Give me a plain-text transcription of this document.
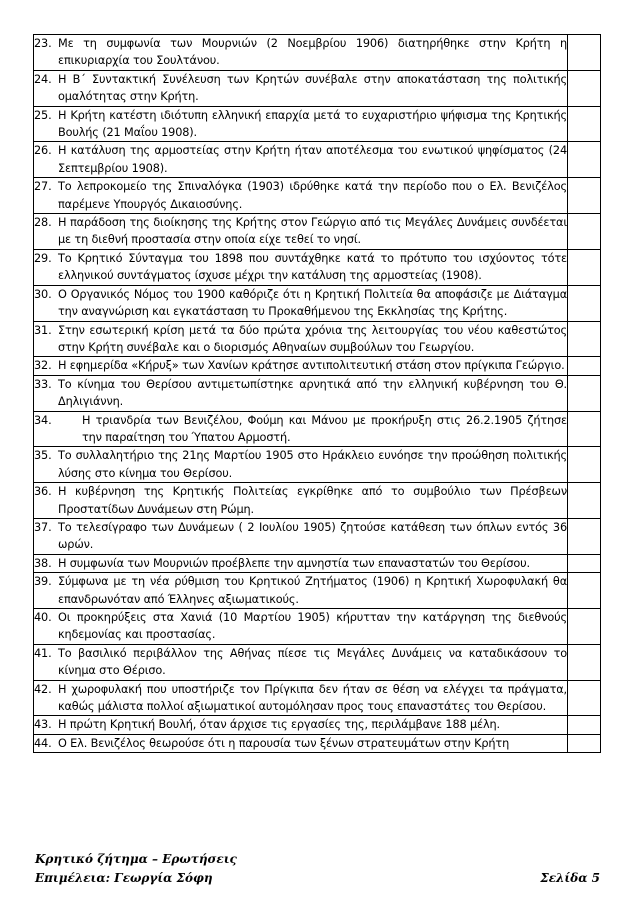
23. Με τη συμφωνία των Μουρνιών (2 Νοεμβρίου 1906) διατηρήθηκε στην Κρήτη η επικυριαρχία του Σουλτάνου.	

24. Η Β΄ Συντακτική Συνέλευση των Κρητών συνέβαλε στην αποκατάσταση της πολιτικής ομαλότητας στην Κρήτη.	

25. Η Κρήτη κατέστη ιδιότυπη ελληνική επαρχία μετά το ευχαριστήριο ψήφισμα της Κρητικής Βουλής (21 Μαΐου 1908).	

26. Η κατάλυση της αρμοστείας στην Κρήτη ήταν αποτέλεσμα του ενωτικού ψηφίσματος (24 Σεπτεμβρίου 1908).	

27. Το λεπροκομείο της Σπιναλόγκα (1903) ιδρύθηκε κατά την περίοδο που ο Ελ. Βενιζέλος παρέμενε Υπουργός Δικαιοσύνης.	

28. Η παράδοση της διοίκησης της Κρήτης στον Γεώργιο από τις Μεγάλες Δυνάμεις συνδέεται με τη διεθνή προστασία στην οποία είχε τεθεί το νησί.	

29. Το Κρητικό Σύνταγμα του 1898 που συντάχθηκε κατά το πρότυπο του ισχύοντος τότε ελληνικού συντάγματος ίσχυσε μέχρι την κατάλυση της αρμοστείας (1908).	

30. Ο Οργανικός Νόμος του 1900 καθόριζε ότι η Κρητική Πολιτεία θα αποφάσιζε με Διάταγμα την αναγνώριση και εγκατάσταση τυ Προκαθήμενου της Εκκλησίας της Κρήτης.	

31. Στην εσωτερική κρίση μετά τα δύο πρώτα χρόνια της λειτουργίας του νέου καθεστώτος στην Κρήτη συνέβαλε και ο διορισμός Αθηναίων συμβούλων του Γεωργίου.	

32. Η εφημερίδα «Κήρυξ» των Χανίων κράτησε αντιπολιτευτική στάση στον πρίγκιπα Γεώργιο.	

33. Το κίνημα του Θερίσου αντιμετωπίστηκε αρνητικά από την ελληνική κυβέρνηση του Θ. Δηλιγιάννη.	

34. Η τριανδρία των Βενιζέλου, Φούμη και Μάνου με προκήρυξη στις 26.2.1905 ζήτησε την παραίτηση του Ύπατου Αρμοστή.	

35. Το συλλαλητήριο της 21ης Μαρτίου 1905 στο Ηράκλειο ευνόησε την προώθηση πολιτικής λύσης στο κίνημα του Θερίσου.	

36. Η κυβέρνηση της Κρητικής Πολιτείας εγκρίθηκε από το συμβούλιο των Πρέσβεων Προστατίδων Δυνάμεων στη Ρώμη.	

37. Το τελεσίγραφο των Δυνάμεων ( 2 Ιουλίου 1905) ζητούσε κατάθεση των όπλων εντός 36 ωρών.	

38. Η συμφωνία των Μουρνιών προέβλεπε την αμνηστία των επαναστατών του Θερίσου.	

39. Σύμφωνα με τη νέα ρύθμιση του Κρητικού Ζητήματος (1906) η Κρητική Χωροφυλακή θα επανδρωνόταν από Έλληνες αξιωματικούς.	

40. Οι προκηρύξεις στα Χανιά (10 Μαρτίου 1905) κήρυτταν την κατάργηση της διεθνούς κηδεμονίας και προστασίας.	

41. Το βασιλικό περιβάλλον της Αθήνας πίεσε τις Μεγάλες Δυνάμεις να καταδικάσουν το κίνημα στο Θέρισο.	

42. Η χωροφυλακή που υποστήριζε τον Πρίγκιπα δεν ήταν σε θέση να ελέγχει τα πράγματα, καθώς μάλιστα πολλοί αξιωματικοί αυτομόλησαν προς τους επαναστάτες του Θερίσου.	

43. Η πρώτη Κρητική Βουλή, όταν άρχισε τις εργασίες της, περιλάμβανε 188 μέλη.	

44. Ο Ελ. Βενιζέλος θεωρούσε ότι η παρουσία των ξένων στρατευμάτων στην Κρήτη	

Κρητικό ζήτημα – Ερωτήσεις
Επιμέλεια: Γεωργία Σόφη	Σελίδα 5
